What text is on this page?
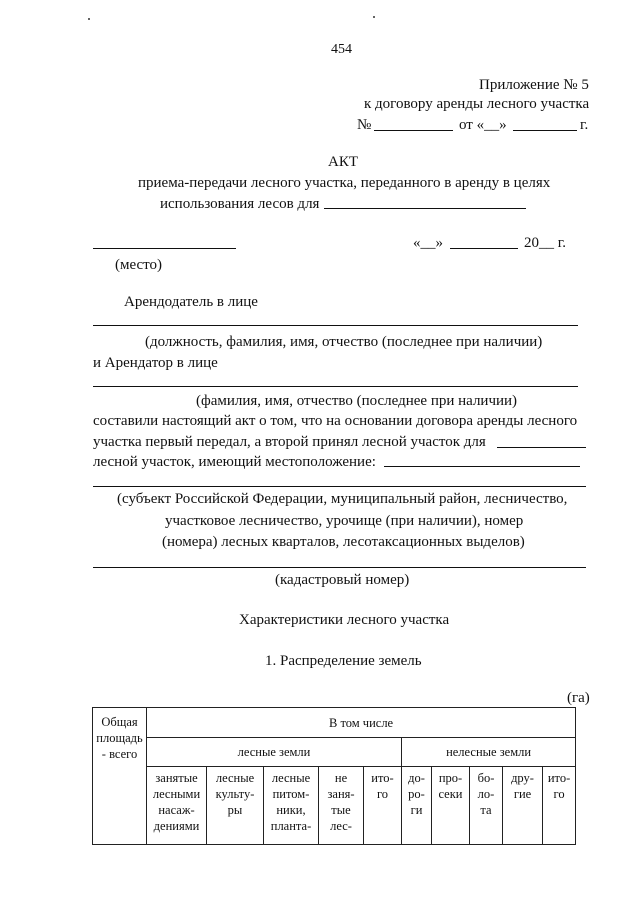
454
Приложение № 5
к договору аренды лесного участка
№	от «__»	г.
АКТ
приема-передачи лесного участка, переданного в аренду в целях
использования лесов для
«__»	20__ г.
(место)
Арендодатель в лице
(должность, фамилия, имя, отчество (последнее при наличии)
и Арендатор в лице
(фамилия, имя, отчество (последнее при наличии)
составили настоящий акт о том, что на основании договора аренды лесного
участка первый передал, а второй принял лесной участок для
лесной участок, имеющий местоположение:
(субъект Российской Федерации, муниципальный район, лесничество,
участковое лесничество, урочище (при наличии), номер
(номера) лесных кварталов, лесотаксационных выделов)
(кадастровый номер)
Характеристики лесного участка
1. Распределение земель
(га)
Общая
площадь
- всего	В том числе									
	лесные земли					нелесные земли				
	занятые
лесными
насаж-
дениями	лесные
культу-
ры	лесные
питом-
ники,
планта-	не
заня-
тые
лес-	ито-
го	до-
ро-
ги	про-
секи	бо-
ло-
та	дру-
гие	ито-
го
